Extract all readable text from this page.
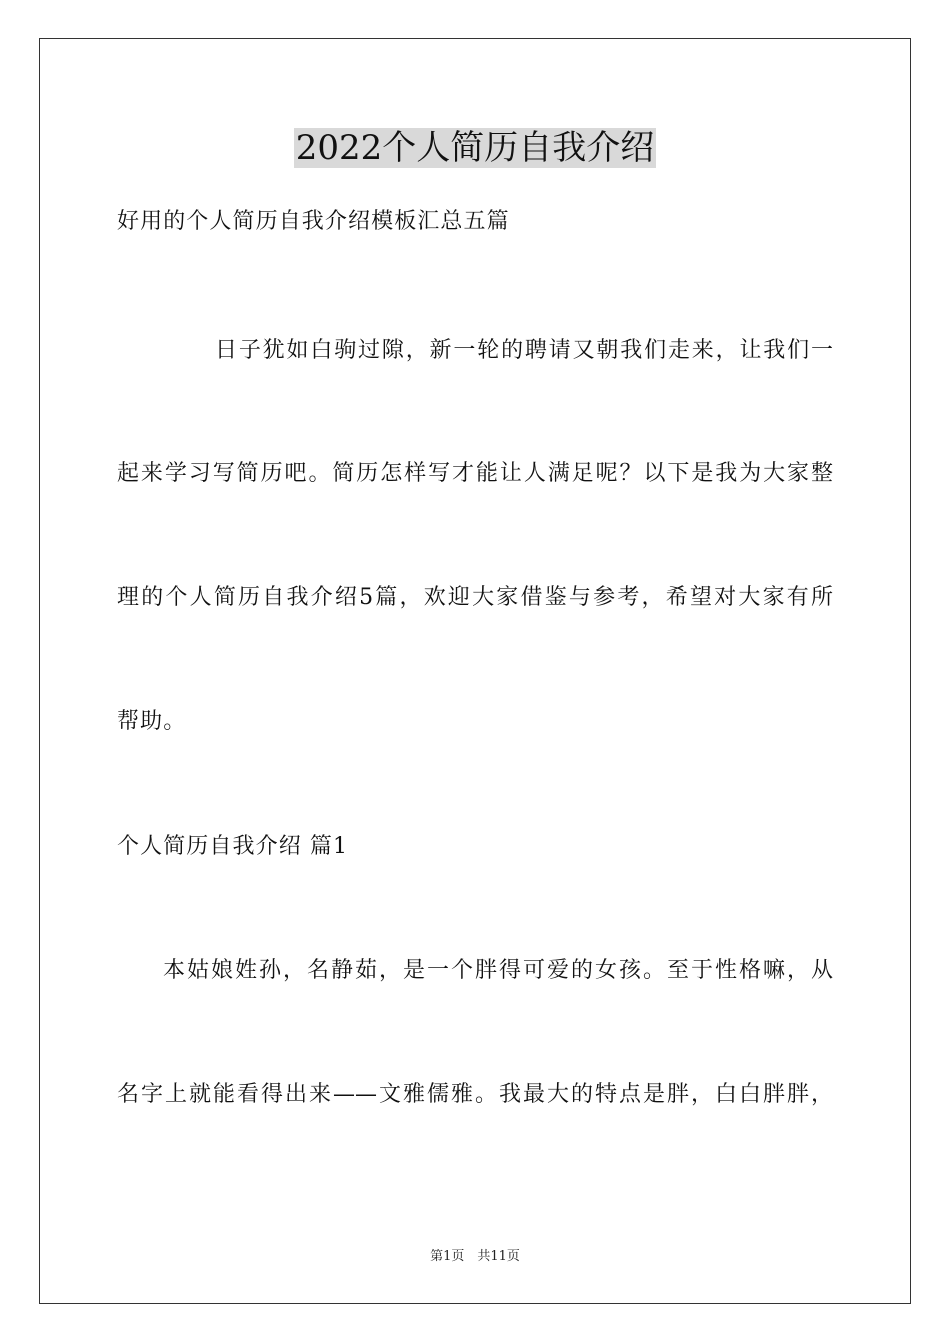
2022个人简历自我介绍
好用的个人简历自我介绍模板汇总五篇
日子犹如白驹过隙，新一轮的聘请又朝我们走来，让我们一
起来学习写简历吧。简历怎样写才能让人满足呢？以下是我为大家整
理的个人简历自我介绍5篇，欢迎大家借鉴与参考，希望对大家有所
帮助。
个人简历自我介绍 篇1
本姑娘姓孙，名静茹，是一个胖得可爱的女孩。至于性格嘛，从
名字上就能看得出来——文雅儒雅。我最大的特点是胖，白白胖胖，
第1页　共11页
